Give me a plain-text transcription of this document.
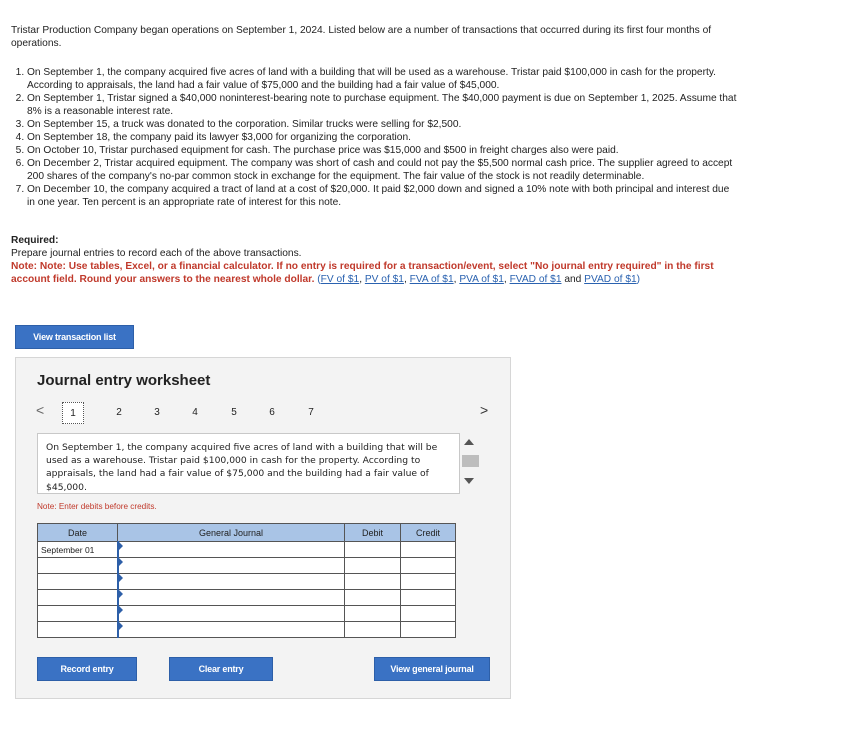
Tristar Production Company began operations on September 1, 2024. Listed below are a number of transactions that occurred during its first four months of operations.
1. On September 1, the company acquired five acres of land with a building that will be used as a warehouse. Tristar paid $100,000 in cash for the property. According to appraisals, the land had a fair value of $75,000 and the building had a fair value of $45,000.
2. On September 1, Tristar signed a $40,000 noninterest-bearing note to purchase equipment. The $40,000 payment is due on September 1, 2025. Assume that 8% is a reasonable interest rate.
3. On September 15, a truck was donated to the corporation. Similar trucks were selling for $2,500.
4. On September 18, the company paid its lawyer $3,000 for organizing the corporation.
5. On October 10, Tristar purchased equipment for cash. The purchase price was $15,000 and $500 in freight charges also were paid.
6. On December 2, Tristar acquired equipment. The company was short of cash and could not pay the $5,500 normal cash price. The supplier agreed to accept 200 shares of the company's no-par common stock in exchange for the equipment. The fair value of the stock is not readily determinable.
7. On December 10, the company acquired a tract of land at a cost of $20,000. It paid $2,000 down and signed a 10% note with both principal and interest due in one year. Ten percent is an appropriate rate of interest for this note.
Required:
Prepare journal entries to record each of the above transactions.
Note: Note: Use tables, Excel, or a financial calculator. If no entry is required for a transaction/event, select "No journal entry required" in the first account field. Round your answers to the nearest whole dollar. (FV of $1, PV of $1, FVA of $1, PVA of $1, FVAD of $1 and PVAD of $1)
View transaction list
Journal entry worksheet
<	1	2	3	4	5	6	7	>
On September 1, the company acquired five acres of land with a building that will be used as a warehouse. Tristar paid $100,000 in cash for the property. According to appraisals, the land had a fair value of $75,000 and the building had a fair value of $45,000.
Note: Enter debits before credits.
Date	General Journal	Debit	Credit
September 01			

Record entry	Clear entry	View general journal
